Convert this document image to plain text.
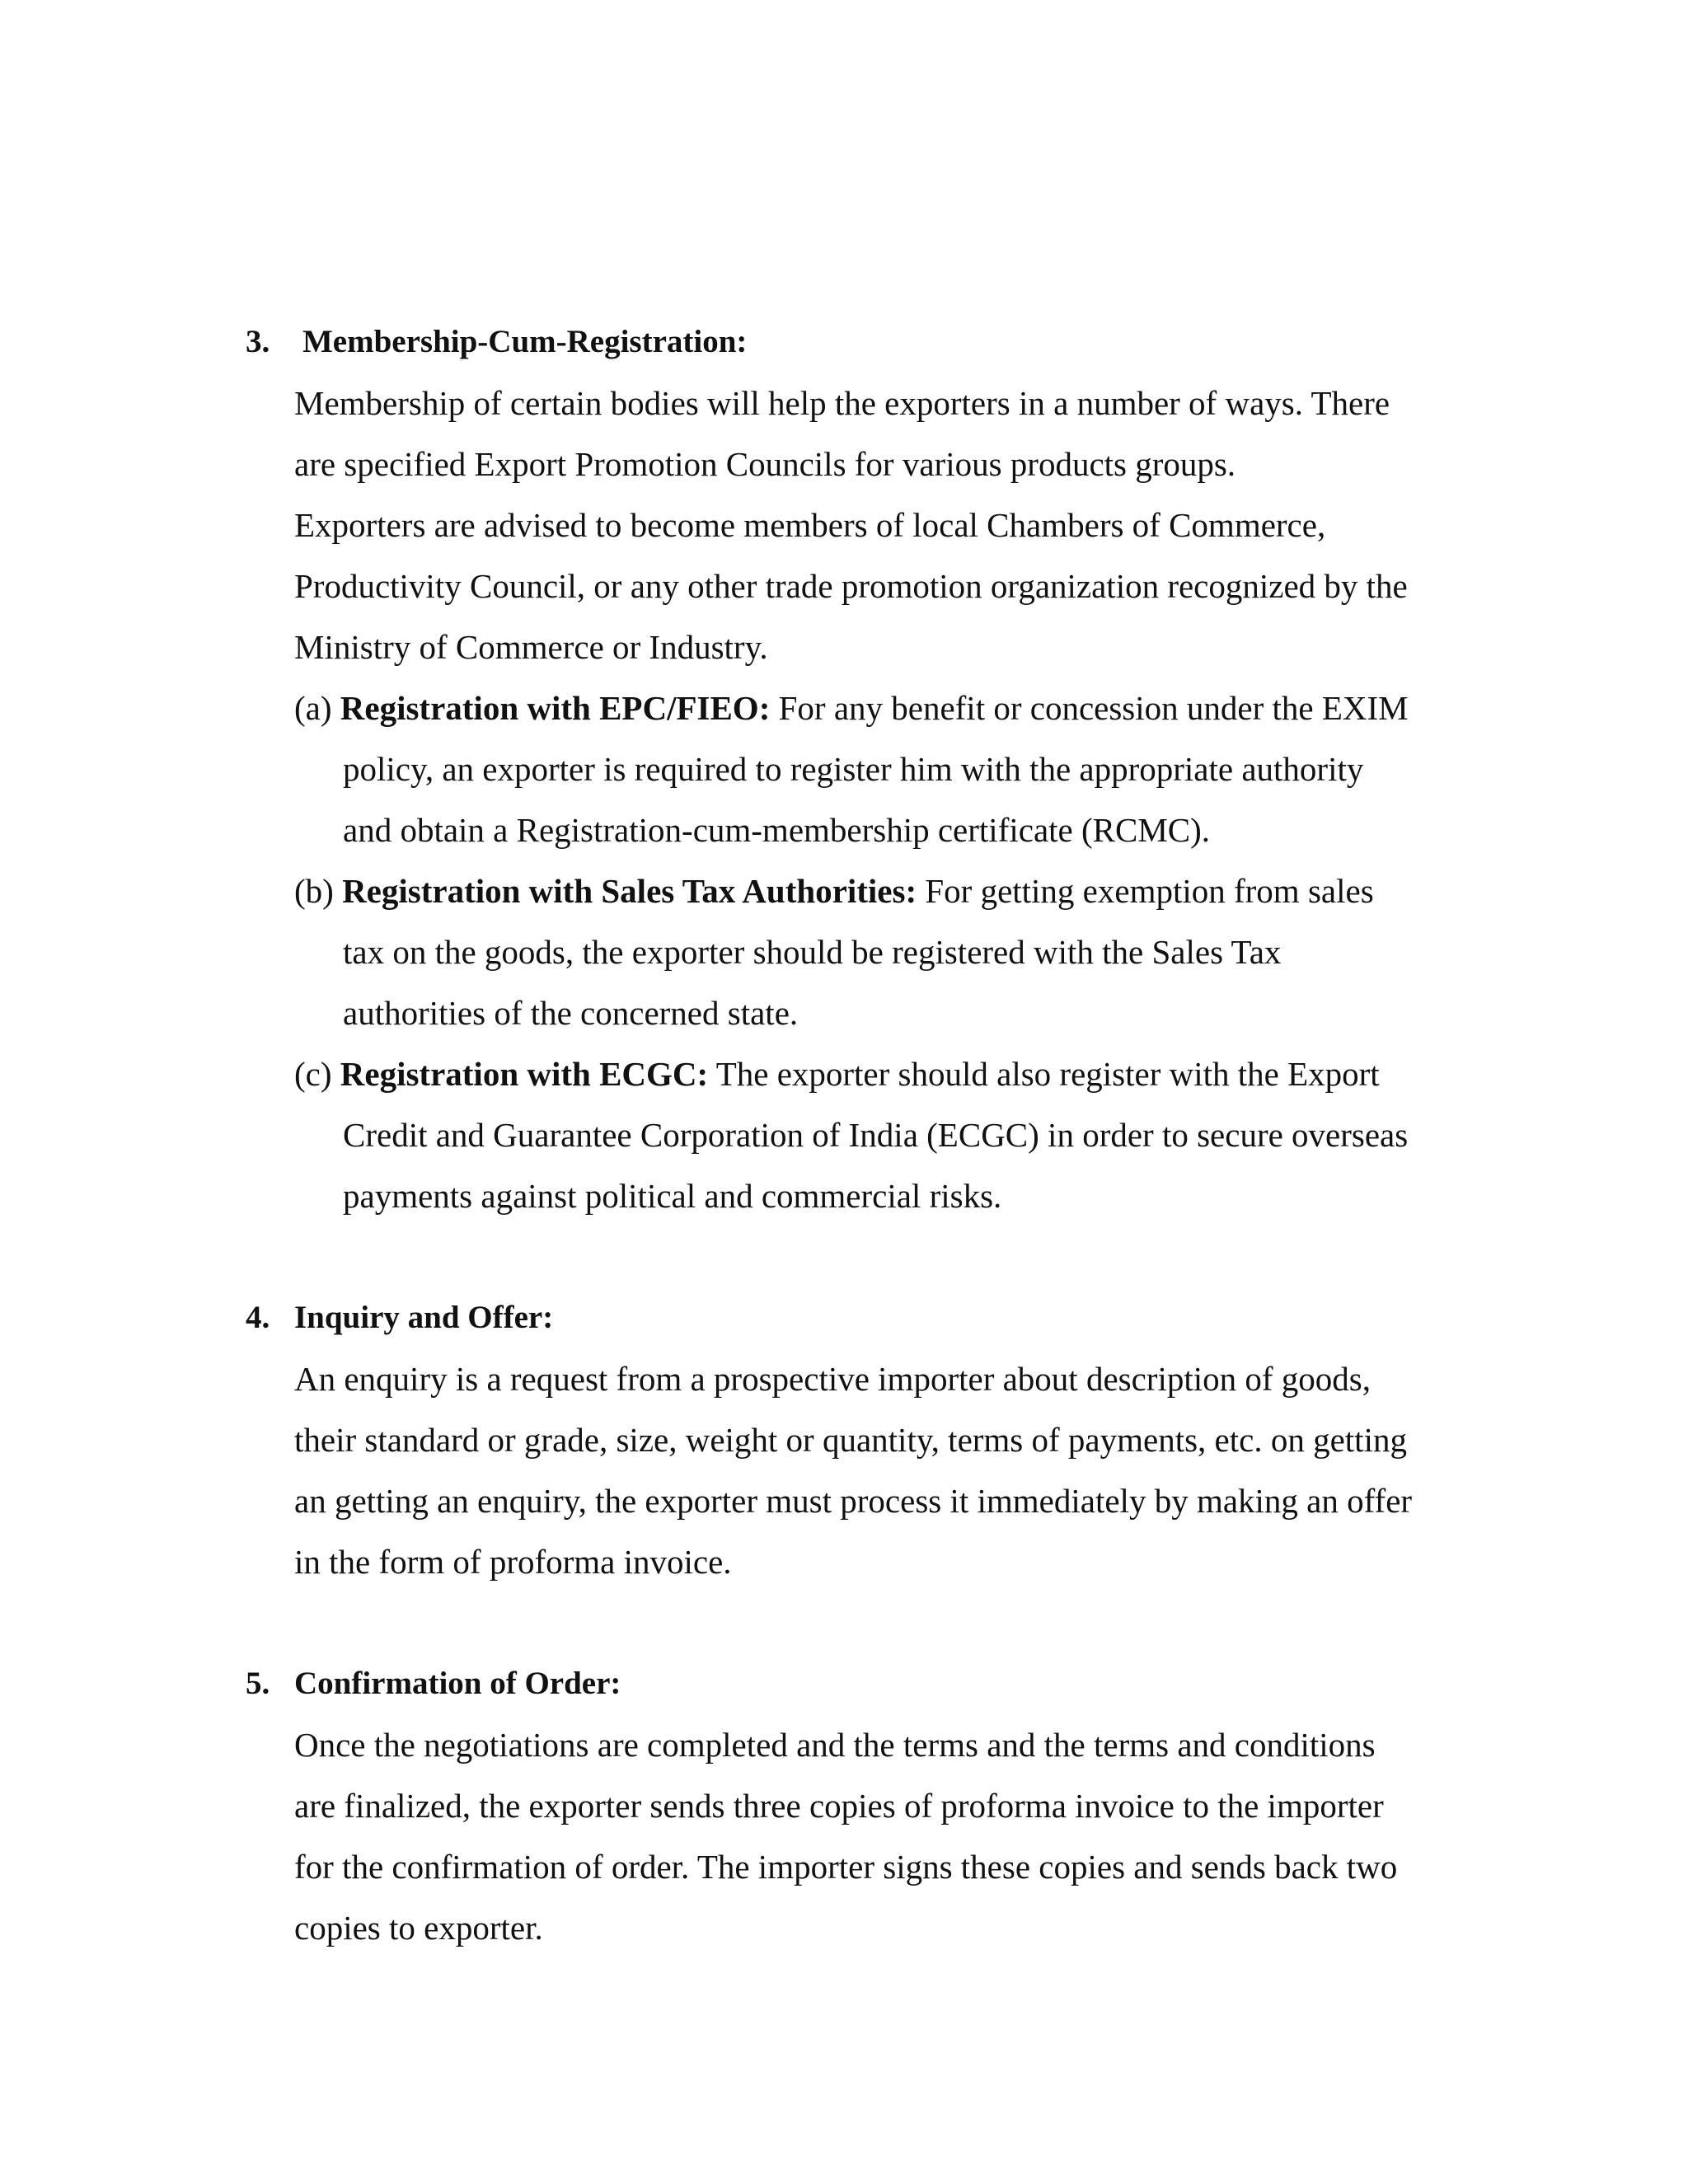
3. Membership-Cum-Registration:
Membership of certain bodies will help the exporters in a number of ways. There
are specified Export Promotion Councils for various products groups.
Exporters are advised to become members of local Chambers of Commerce,
Productivity Council, or any other trade promotion organization recognized by the
Ministry of Commerce or Industry.
(a) Registration with EPC/FIEO: For any benefit or concession under the EXIM
policy, an exporter is required to register him with the appropriate authority
and obtain a Registration-cum-membership certificate (RCMC).
(b) Registration with Sales Tax Authorities: For getting exemption from sales
tax on the goods, the exporter should be registered with the Sales Tax
authorities of the concerned state.
(c) Registration with ECGC: The exporter should also register with the Export
Credit and Guarantee Corporation of India (ECGC) in order to secure overseas
payments against political and commercial risks.
4. Inquiry and Offer:
An enquiry is a request from a prospective importer about description of goods,
their standard or grade, size, weight or quantity, terms of payments, etc. on getting
an getting an enquiry, the exporter must process it immediately by making an offer
in the form of proforma invoice.
5. Confirmation of Order:
Once the negotiations are completed and the terms and the terms and conditions
are finalized, the exporter sends three copies of proforma invoice to the importer
for the confirmation of order. The importer signs these copies and sends back two
copies to exporter.
